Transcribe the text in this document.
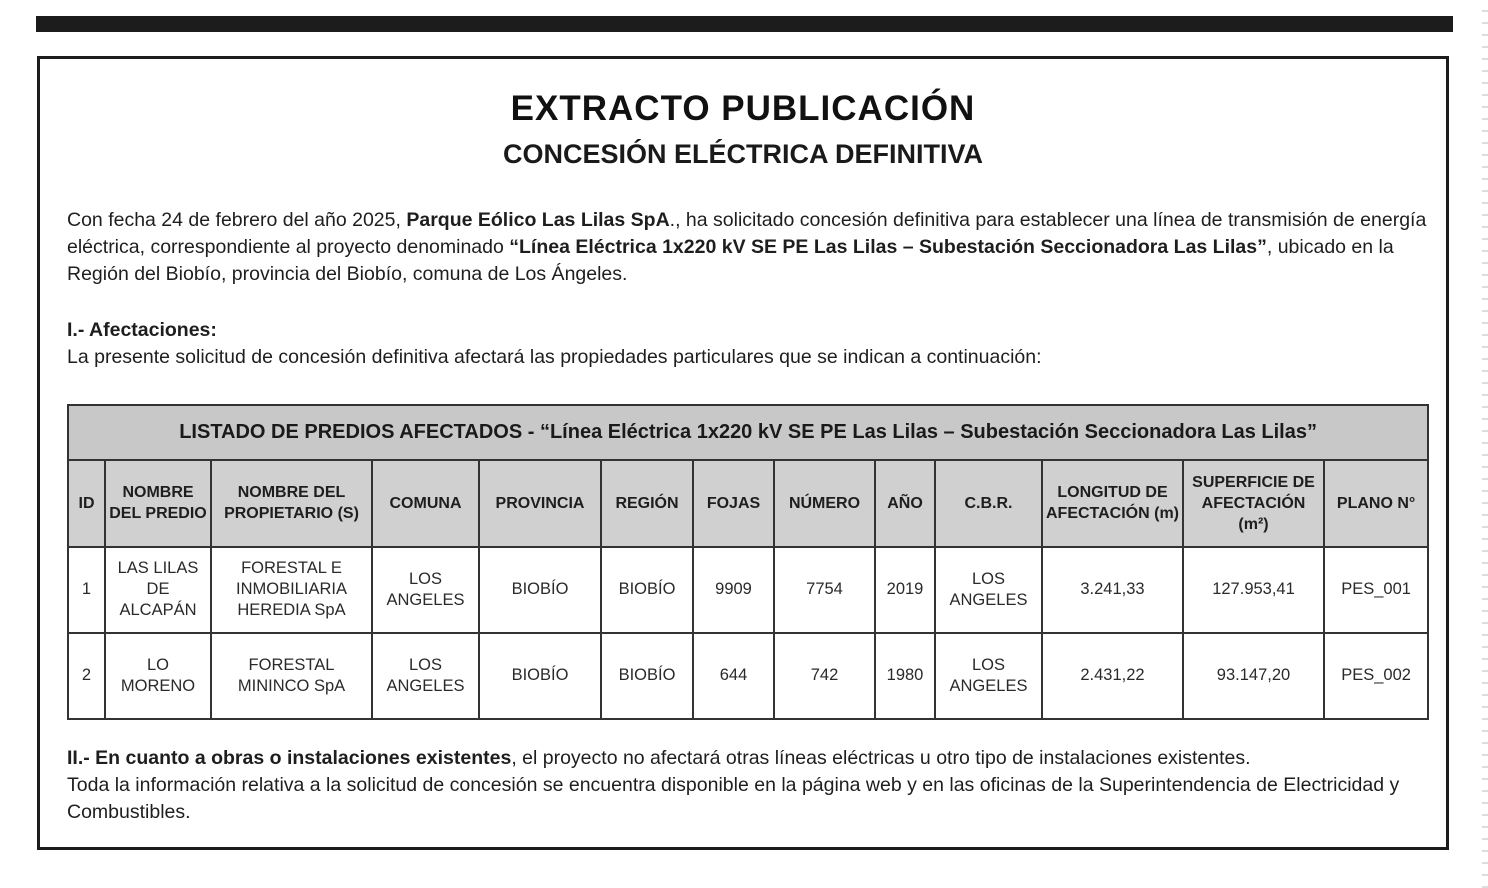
EXTRACTO PUBLICACIÓN
CONCESIÓN ELÉCTRICA DEFINITIVA
Con fecha 24 de febrero del año 2025, Parque Eólico Las Lilas SpA., ha solicitado concesión definitiva para establecer una línea de transmisión de energía eléctrica, correspondiente al proyecto denominado “Línea Eléctrica 1x220 kV SE PE Las Lilas – Subestación Seccionadora Las Lilas”, ubicado en la Región del Biobío, provincia del Biobío, comuna de Los Ángeles.
I.- Afectaciones:
La presente solicitud de concesión definitiva afectará las propiedades particulares que se indican a continuación:
LISTADO DE PREDIOS AFECTADOS - “Línea Eléctrica 1x220 kV SE PE Las Lilas – Subestación Seccionadora Las Lilas”												
ID	NOMBRE DEL PREDIO	NOMBRE DEL PROPIETARIO (S)	COMUNA	PROVINCIA	REGIÓN	FOJAS	NÚMERO	AÑO	C.B.R.	LONGITUD DE AFECTACIÓN (m)	SUPERFICIE DE AFECTACIÓN (m²)	PLANO N°
1	LAS LILAS DE ALCAPÁN	FORESTAL E INMOBILIARIA HEREDIA SpA	LOS ANGELES	BIOBÍO	BIOBÍO	9909	7754	2019	LOS ANGELES	3.241,33	127.953,41	PES_001
2	LO MORENO	FORESTAL MININCO SpA	LOS ANGELES	BIOBÍO	BIOBÍO	644	742	1980	LOS ANGELES	2.431,22	93.147,20	PES_002
II.- En cuanto a obras o instalaciones existentes, el proyecto no afectará otras líneas eléctricas u otro tipo de instalaciones existentes.
Toda la información relativa a la solicitud de concesión se encuentra disponible en la página web y en las oficinas de la Superintendencia de Electricidad y Combustibles.
